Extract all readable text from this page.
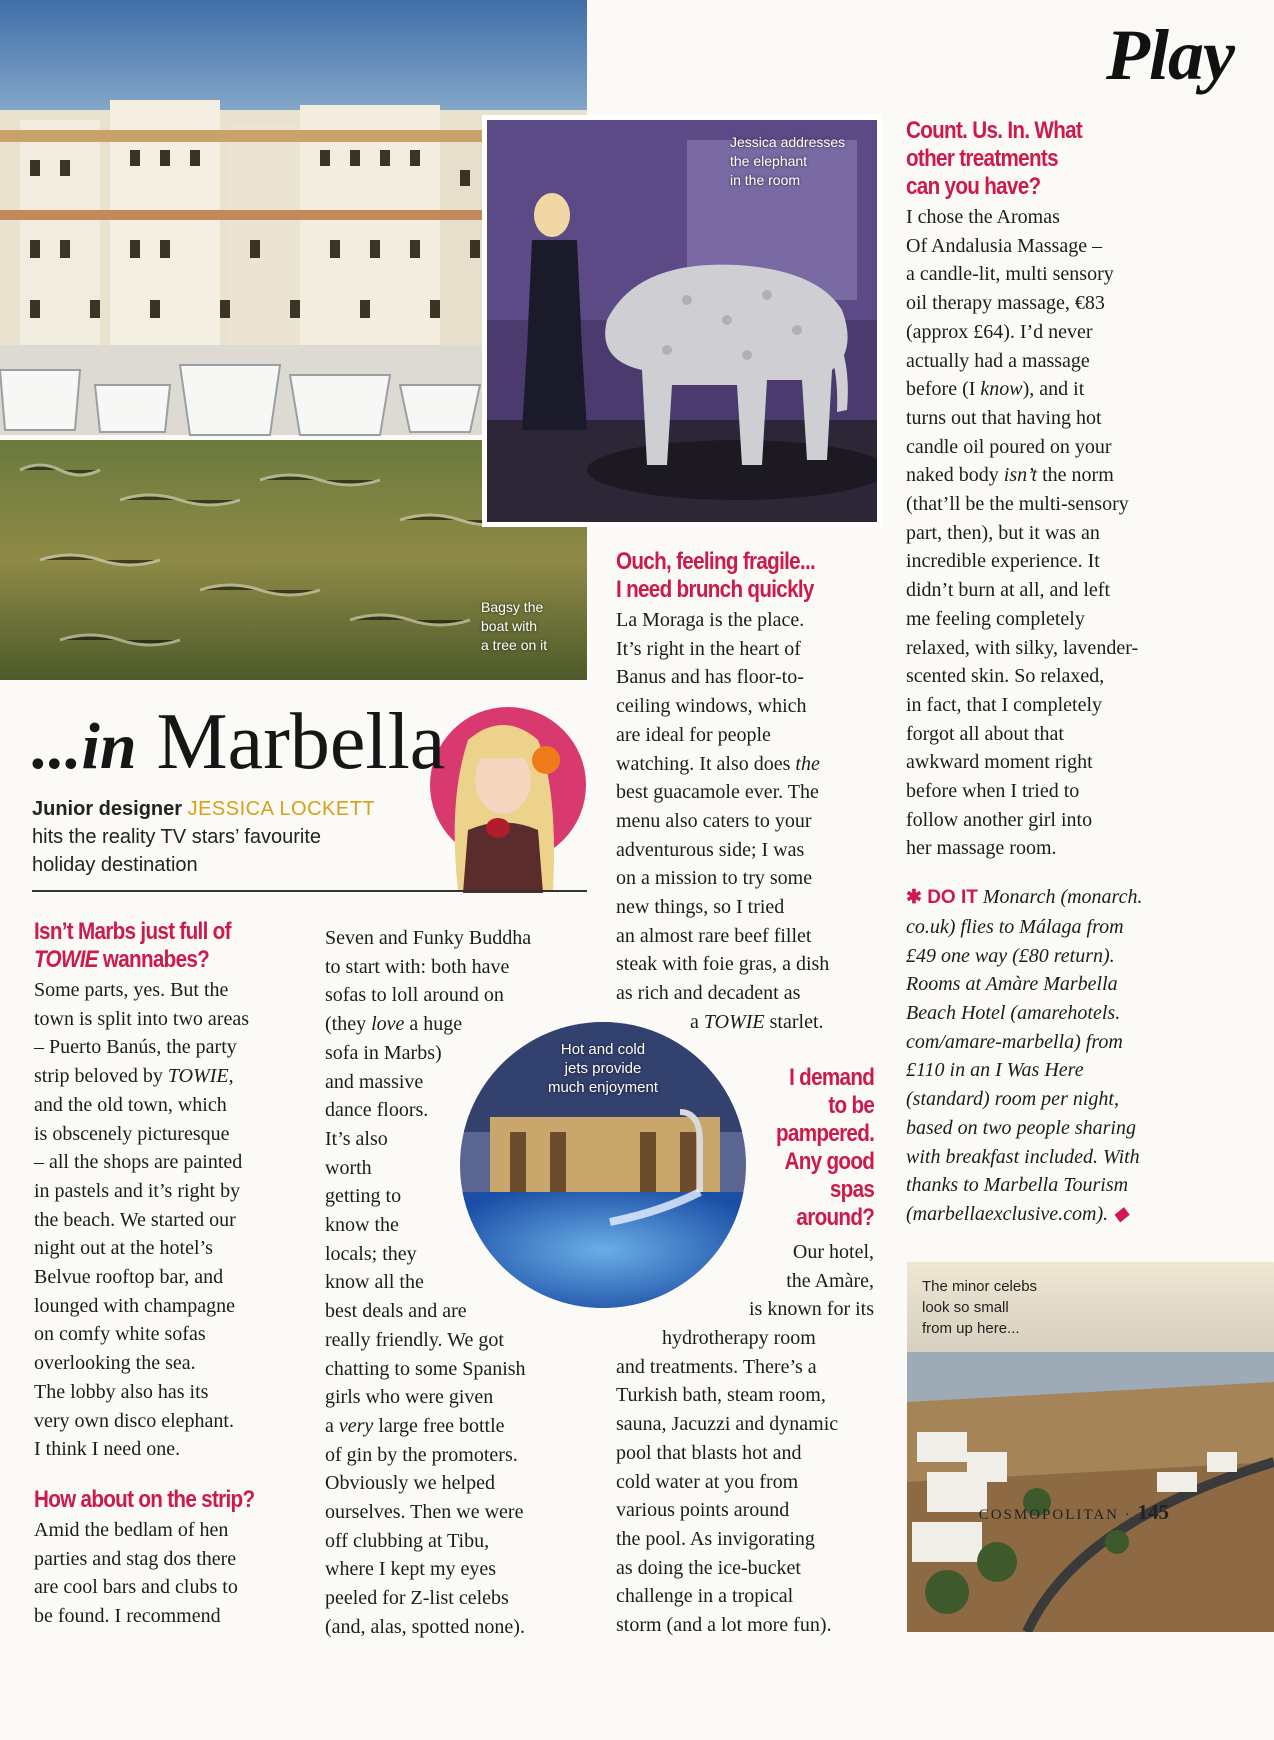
Bagsy the
boat with
a tree on it
Jessica addresses
the elephant
in the room
Hot and cold
jets provide
much enjoyment
The minor celebs
look so small
from up here...
Play
...in Marbella
Junior designer JESSICA LOCKETT
hits the reality TV stars’ favourite
holiday destination
Isn’t Marbs just full of
TOWIE wannabes?

Some parts, yes. But the

town is split into two areas

– Puerto Banús, the party

strip beloved by TOWIE,

and the old town, which

is obscenely picturesque

– all the shops are painted

in pastels and it’s right by

the beach. We started our

night out at the hotel’s

Belvue rooftop bar, and

lounged with champagne

on comfy white sofas

overlooking the sea.

The lobby also has its

very own disco elephant.

I think I need one.

How about on the strip?

Amid the bedlam of hen

parties and stag dos there

are cool bars and clubs to

be found. I recommend

Seven and Funky Buddha

to start with: both have

sofas to loll around on

(they love a huge

sofa in Marbs)

and massive

dance floors.

It’s also

worth

getting to

know the

locals; they

know all the

best deals and are

really friendly. We got

chatting to some Spanish

girls who were given

a very large free bottle

of gin by the promoters.

Obviously we helped

ourselves. Then we were

off clubbing at Tibu,

where I kept my eyes

peeled for Z-list celebs

(and, alas, spotted none).

Ouch, feeling fragile...
I need brunch quickly

La Moraga is the place.

It’s right in the heart of

Banus and has floor-to-

ceiling windows, which

are ideal for people

watching. It also does the

best guacamole ever. The

menu also caters to your

adventurous side; I was

on a mission to try some

new things, so I tried

an almost rare beef fillet

steak with foie gras, a dish

as rich and decadent as

a TOWIE starlet.

I demand
to be
pampered.
Any good
spas
around?

Our hotel,

the Amàre,

is known for its

hydrotherapy room

and treatments. There’s a

Turkish bath, steam room,

sauna, Jacuzzi and dynamic

pool that blasts hot and

cold water at you from

various points around

the pool. As invigorating

as doing the ice-bucket

challenge in a tropical

storm (and a lot more fun).

Count. Us. In. What
other treatments
can you have?

I chose the Aromas

Of Andalusia Massage –

a candle-lit, multi sensory

oil therapy massage, €83

(approx £64). I’d never

actually had a massage

before (I know), and it

turns out that having hot

candle oil poured on your

naked body isn’t the norm

(that’ll be the multi-sensory

part, then), but it was an

incredible experience. It

didn’t burn at all, and left

me feeling completely

relaxed, with silky, lavender-

scented skin. So relaxed,

in fact, that I completely

forgot all about that

awkward moment right

before when I tried to

follow another girl into

her massage room.

✱ DO IT Monarch (monarch.

co.uk) flies to Málaga from

£49 one way (£80 return).

Rooms at Amàre Marbella

Beach Hotel (amarehotels.

com/amare-marbella) from

£110 in an I Was Here

(standard) room per night,

based on two people sharing

with breakfast included. With

thanks to Marbella Tourism

(marbellaexclusive.com). ◆

COSMOPOLITAN · 145
